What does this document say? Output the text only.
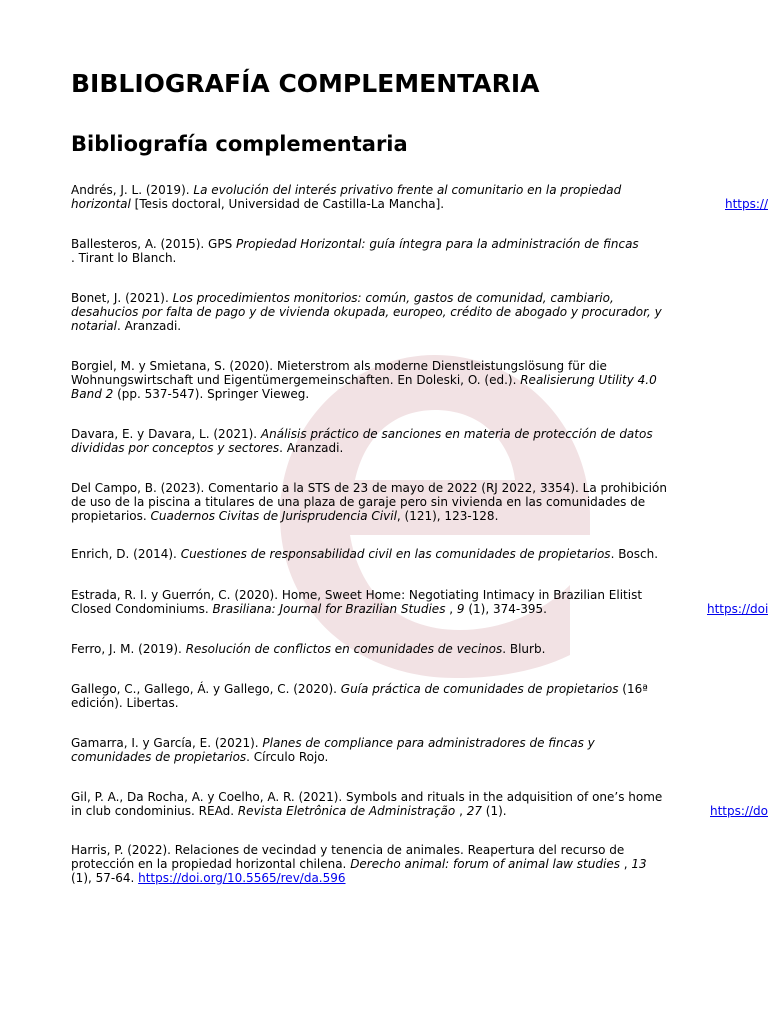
BIBLIOGRAFÍA COMPLEMENTARIA
Bibliografía complementaria
Andrés, J. L. (2019). La evolución del interés privativo frente al comunitario en la propiedad
horizontal [Tesis doctoral, Universidad de Castilla-La Mancha].	https://
Ballesteros, A. (2015). GPS Propiedad Horizontal: guía íntegra para la administración de fincas
. Tirant lo Blanch.
Bonet, J. (2021). Los procedimientos monitorios: común, gastos de comunidad, cambiario,
desahucios por falta de pago y de vivienda okupada, europeo, crédito de abogado y procurador, y
notarial. Aranzadi.
Borgiel, M. y Smietana, S. (2020). Mieterstrom als moderne Dienstleistungslösung für die
Wohnungswirtschaft und Eigentümergemeinschaften. En Doleski, O. (ed.). Realisierung Utility 4.0
Band 2 (pp. 537-547). Springer Vieweg.
Davara, E. y Davara, L. (2021). Análisis práctico de sanciones en materia de protección de datos
divididas por conceptos y sectores. Aranzadi.
Del Campo, B. (2023). Comentario a la STS de 23 de mayo de 2022 (RJ 2022, 3354). La prohibición
de uso de la piscina a titulares de una plaza de garaje pero sin vivienda en las comunidades de
propietarios. Cuadernos Civitas de Jurisprudencia Civil, (121), 123-128.
Enrich, D. (2014). Cuestiones de responsabilidad civil en las comunidades de propietarios. Bosch.
Estrada, R. I. y Guerrón, C. (2020). Home, Sweet Home: Negotiating Intimacy in Brazilian Elitist
Closed Condominiums. Brasiliana: Journal for Brazilian Studies , 9 (1), 374-395.	https://doi
Ferro, J. M. (2019). Resolución de conflictos en comunidades de vecinos. Blurb.
Gallego, C., Gallego, Á. y Gallego, C. (2020). Guía práctica de comunidades de propietarios (16ª
edición). Libertas.
Gamarra, I. y García, E. (2021). Planes de compliance para administradores de fincas y
comunidades de propietarios. Círculo Rojo.
Gil, P. A., Da Rocha, A. y Coelho, A. R. (2021). Symbols and rituals in the adquisition of one’s home
in club condominius. REAd. Revista Eletrônica de Administração , 27 (1).	https://do
Harris, P. (2022). Relaciones de vecindad y tenencia de animales. Reapertura del recurso de
protección en la propiedad horizontal chilena. Derecho animal: forum of animal law studies , 13
(1), 57-64. https://doi.org/10.5565/rev/da.596
